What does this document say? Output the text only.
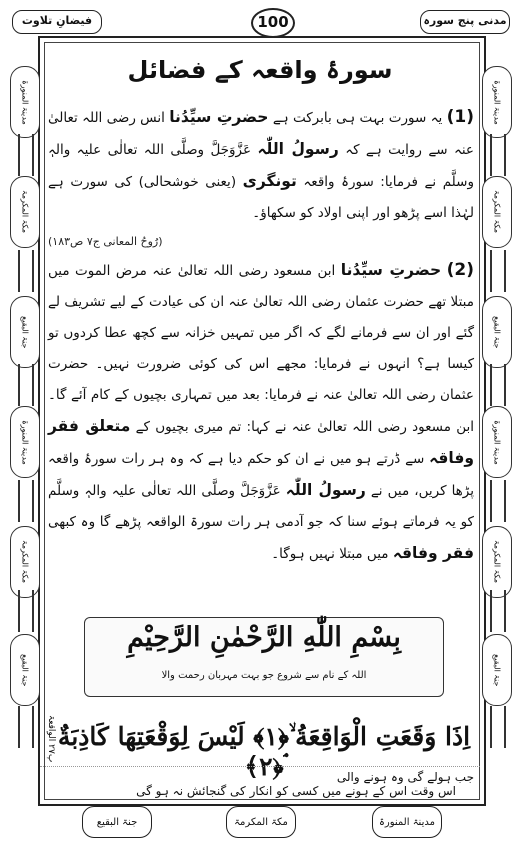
فیضانِ تلاوت	100	مدنی پنج سورہ
مدینۃ المنورۃ
مکۃ المکرمۃ
جنۃ البقیع
مدینۃ المنورۃ
مکۃ المکرمۃ
جنۃ البقیع
مدینۃ المنورۃ
مکۃ المکرمۃ
جنۃ البقیع
مدینۃ المنورۃ
مکۃ المکرمۃ
جنۃ البقیع
سورۂ واقعہ کے فضائل

(1) یہ سورت بہت ہی بابرکت ہے حضرتِ سیِّدُنا انس رضی اللہ تعالیٰ عنہ سے روایت ہے کہ رسولُ اللّٰہ عَزَّوَجَلَّ وصلَّی اللہ تعالٰی علیہ والہٖ وسلَّم نے فرمایا: سورۂ واقعہ تونگری (یعنی خوشحالی) کی سورت ہے لہٰذا اسے پڑھو اور اپنی اولاد کو سکھاؤ۔

(رُوحُ المعانی ج۷ ص۱۸۳)

(2) حضرتِ سیِّدُنا ابن مسعود رضی اللہ تعالیٰ عنہ مرض الموت میں مبتلا تھے حضرت عثمان رضی اللہ تعالیٰ عنہ ان کی عیادت کے لیے تشریف لے گئے اور ان سے فرمانے لگے کہ اگر میں تمہیں خزانہ سے کچھ عطا کردوں تو کیسا ہے؟ انہوں نے فرمایا: مجھے اس کی کوئی ضرورت نہیں۔ حضرت عثمان رضی اللہ تعالیٰ عنہ نے فرمایا: بعد میں تمہاری بچیوں کے کام آئے گا۔ ابن مسعود رضی اللہ تعالیٰ عنہ نے کہا: تم میری بچیوں کے متعلق فقر وفاقہ سے ڈرتے ہو میں نے ان کو حکم دیا ہے کہ وہ ہر رات سورۂ واقعہ پڑھا کریں، میں نے رسولُ اللّٰہ عَزَّوَجَلَّ وصلَّی اللہ تعالٰی علیہ والہٖ وسلَّم کو یہ فرماتے ہوئے سنا کہ جو آدمی ہر رات سورۃ الواقعہ پڑھے گا وہ کبھی فقر وفاقہ میں مبتلا نہیں ہوگا۔

بِسْمِ اللّٰهِ الرَّحْمٰنِ الرَّحِيْمِ
اللہ کے نام سے شروع جو بہت مہربان رحمت والا
پ۲۷ الواقعۃ
اِذَا وَقَعَتِ الْوَاقِعَةُ ۙ﴿۱﴾ لَيْسَ لِوَقْعَتِهَا كَاذِبَةٌ ۘ﴿۲﴾	جب ہولے گی وہ ہونے والی
اس وقت اس کے ہونے میں کسی کو انکار کی گنجائش نہ ہو گی
جنۃ البقیع	مکۃ المکرمۃ	مدینۃ المنورۃ
